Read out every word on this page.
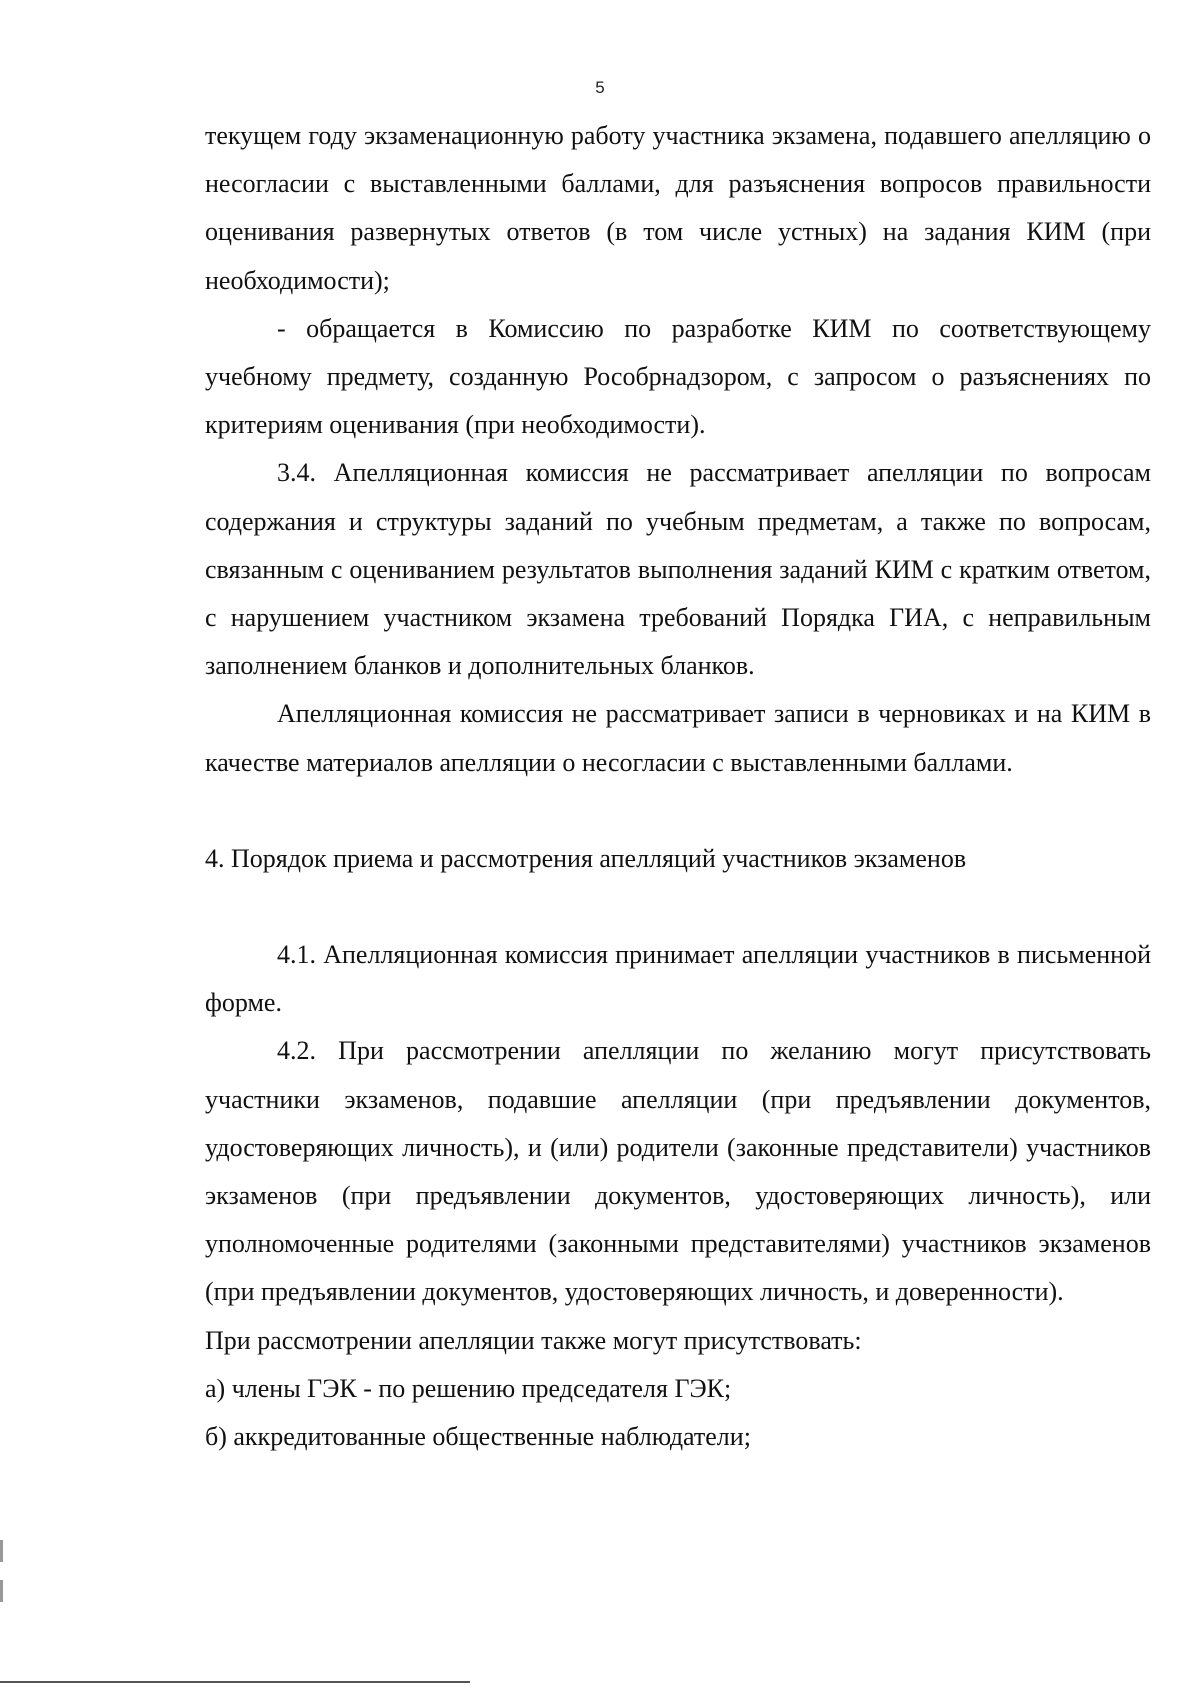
5

текущем году экзаменационную работу участника экзамена, подавшего апелляцию о несогласии с выставленными баллами, для разъяснения вопросов правильности оценивания развернутых ответов (в том числе устных) на задания КИМ (при необходимости);

- обращается в Комиссию по разработке КИМ по соответствующему учебному предмету, созданную Рособрнадзором, с запросом о разъяснениях по критериям оценивания (при необходимости).

3.4. Апелляционная комиссия не рассматривает апелляции по вопросам содержания и структуры заданий по учебным предметам, а также по вопросам, связанным с оцениванием результатов выполнения заданий КИМ с кратким ответом, с нарушением участником экзамена требований Порядка ГИА, с неправильным заполнением бланков и дополнительных бланков.

Апелляционная комиссия не рассматривает записи в черновиках и на КИМ в качестве материалов апелляции о несогласии с выставленными баллами.

4. Порядок приема и рассмотрения апелляций участников экзаменов

4.1. Апелляционная комиссия принимает апелляции участников в письменной форме.

4.2. При рассмотрении апелляции по желанию могут присутствовать участники экзаменов, подавшие апелляции (при предъявлении документов, удостоверяющих личность), и (или) родители (законные представители) участников экзаменов (при предъявлении документов, удостоверяющих личность), или уполномоченные родителями (законными представителями) участников экзаменов (при предъявлении документов, удостоверяющих личность, и доверенности).

При рассмотрении апелляции также могут присутствовать:

а) члены ГЭК - по решению председателя ГЭК;

б) аккредитованные общественные наблюдатели;
